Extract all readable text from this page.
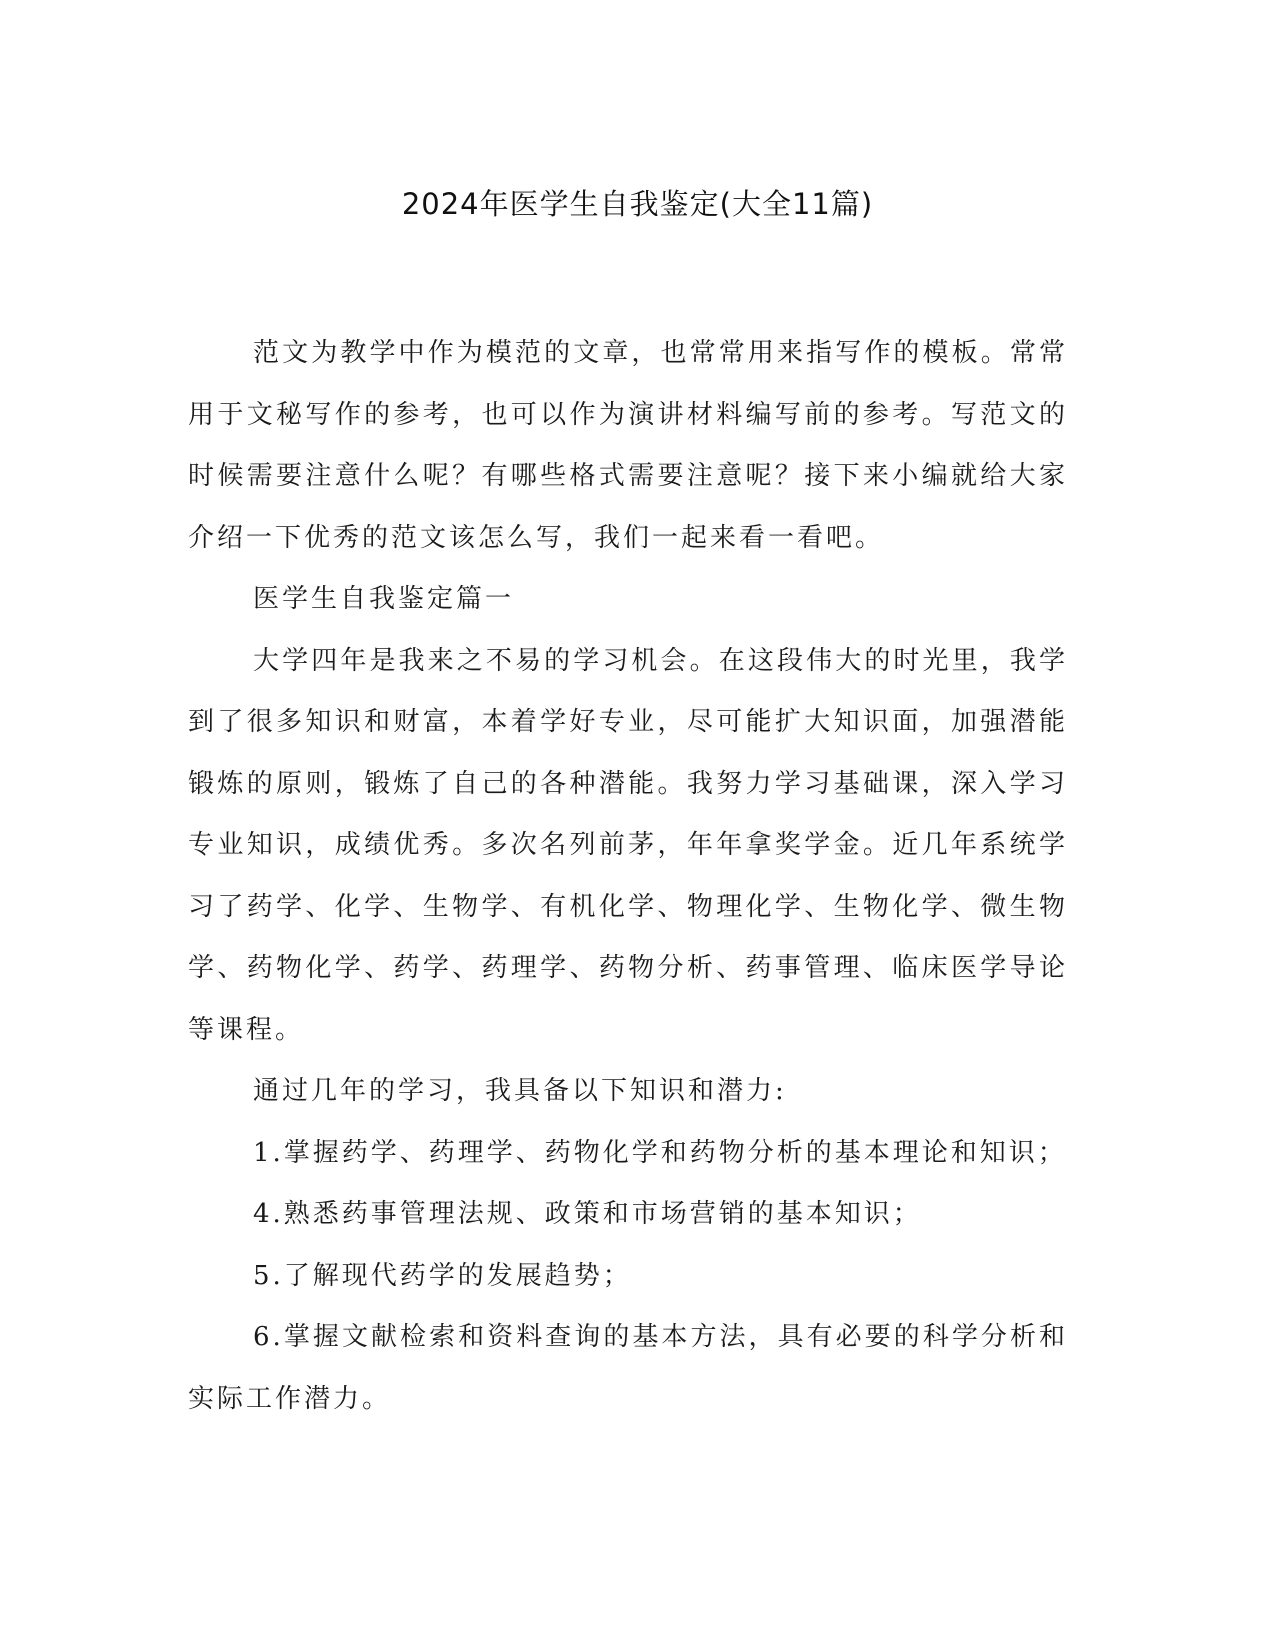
2024年医学生自我鉴定(大全11篇)

范文为教学中作为模范的文章，也常常用来指写作的模板。常常用于文秘写作的参考，也可以作为演讲材料编写前的参考。写范文的时候需要注意什么呢？有哪些格式需要注意呢？接下来小编就给大家介绍一下优秀的范文该怎么写，我们一起来看一看吧。

医学生自我鉴定篇一

大学四年是我来之不易的学习机会。在这段伟大的时光里，我学到了很多知识和财富，本着学好专业，尽可能扩大知识面，加强潜能锻炼的原则，锻炼了自己的各种潜能。我努力学习基础课，深入学习专业知识，成绩优秀。多次名列前茅，年年拿奖学金。近几年系统学习了药学、化学、生物学、有机化学、物理化学、生物化学、微生物学、药物化学、药学、药理学、药物分析、药事管理、临床医学导论等课程。

通过几年的学习，我具备以下知识和潜力:

1.掌握药学、药理学、药物化学和药物分析的基本理论和知识；

4.熟悉药事管理法规、政策和市场营销的基本知识；

5.了解现代药学的发展趋势；

6.掌握文献检索和资料查询的基本方法，具有必要的科学分析和实际工作潜力。
